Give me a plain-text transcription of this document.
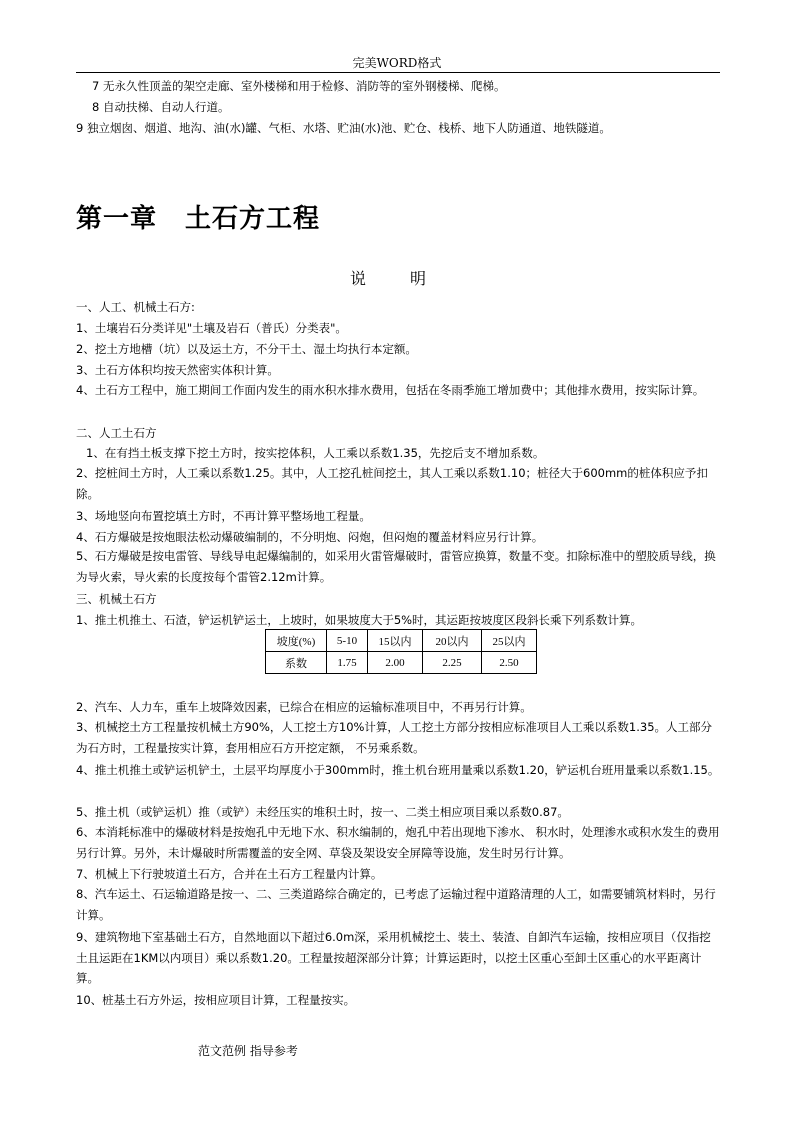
完美WORD格式
7 无永久性顶盖的架空走廊、室外楼梯和用于检修、消防等的室外钢楼梯、爬梯。
8 自动扶梯、自动人行道。
9 独立烟囱、烟道、地沟、油(水)罐、气柜、水塔、贮油(水)池、贮仓、栈桥、地下人防通道、地铁隧道。
第一章 土石方工程
说	明
一、人工、机械土石方:
1、土壤岩石分类详见"土壤及岩石（普氏）分类表"。
2、挖土方地槽（坑）以及运土方，不分干土、湿土均执行本定额。
3、土石方体积均按天然密实体积计算。
4、土石方工程中，施工期间工作面内发生的雨水积水排水费用，包括在冬雨季施工增加费中；其他排水费用，按实际计算。
二、人工土石方
1、在有挡土板支撑下挖土方时，按实挖体积，人工乘以系数1.35，先挖后支不增加系数。
2、挖桩间土方时，人工乘以系数1.25。其中，人工挖孔桩间挖土，其人工乘以系数1.10；桩径大于600mm的桩体积应予扣除。
3、场地竖向布置挖填土方时，不再计算平整场地工程量。
4、石方爆破是按炮眼法松动爆破编制的，不分明炮、闷炮，但闷炮的覆盖材料应另行计算。
5、石方爆破是按电雷管、导线导电起爆编制的，如采用火雷管爆破时，雷管应换算，数量不变。扣除标准中的塑胶质导线，换为导火索，导火索的长度按每个雷管2.12m计算。
三、机械土石方
1、推土机推土、石渣，铲运机铲运土，上坡时，如果坡度大于5%时，其运距按坡度区段斜长乘下列系数计算。
坡度(%)	5-10	15以内	20以内	25以内
系数	1.75	2.00	2.25	2.50
2、汽车、人力车，重车上坡降效因素，已综合在相应的运输标准项目中，不再另行计算。
3、机械挖土方工程量按机械土方90%，人工挖土方10%计算，人工挖土方部分按相应标准项目人工乘以系数1.35。人工部分为石方时，工程量按实计算，套用相应石方开挖定额， 不另乘系数。
4、推土机推土或铲运机铲土，土层平均厚度小于300mm时，推土机台班用量乘以系数1.20，铲运机台班用量乘以系数1.15。
5、推土机（或铲运机）推（或铲）未经压实的堆积土时，按一、二类土相应项目乘以系数0.87。
6、本消耗标准中的爆破材料是按炮孔中无地下水、积水编制的，炮孔中若出现地下渗水、 积水时，处理渗水或积水发生的费用另行计算。另外，未计爆破时所需覆盖的安全网、草袋及架设安全屏障等设施，发生时另行计算。
7、机械上下行驶坡道土石方，合并在土石方工程量内计算。
8、汽车运土、石运输道路是按一、二、三类道路综合确定的，已考虑了运输过程中道路清理的人工，如需要铺筑材料时，另行计算。
9、建筑物地下室基础土石方，自然地面以下超过6.0m深，采用机械挖土、装土、装渣、自卸汽车运输，按相应项目（仅指挖土且运距在1KM以内项目）乘以系数1.20。工程量按超深部分计算；计算运距时，以挖土区重心至卸土区重心的水平距离计算。
10、桩基土石方外运，按相应项目计算，工程量按实。
范文范例 指导参考
